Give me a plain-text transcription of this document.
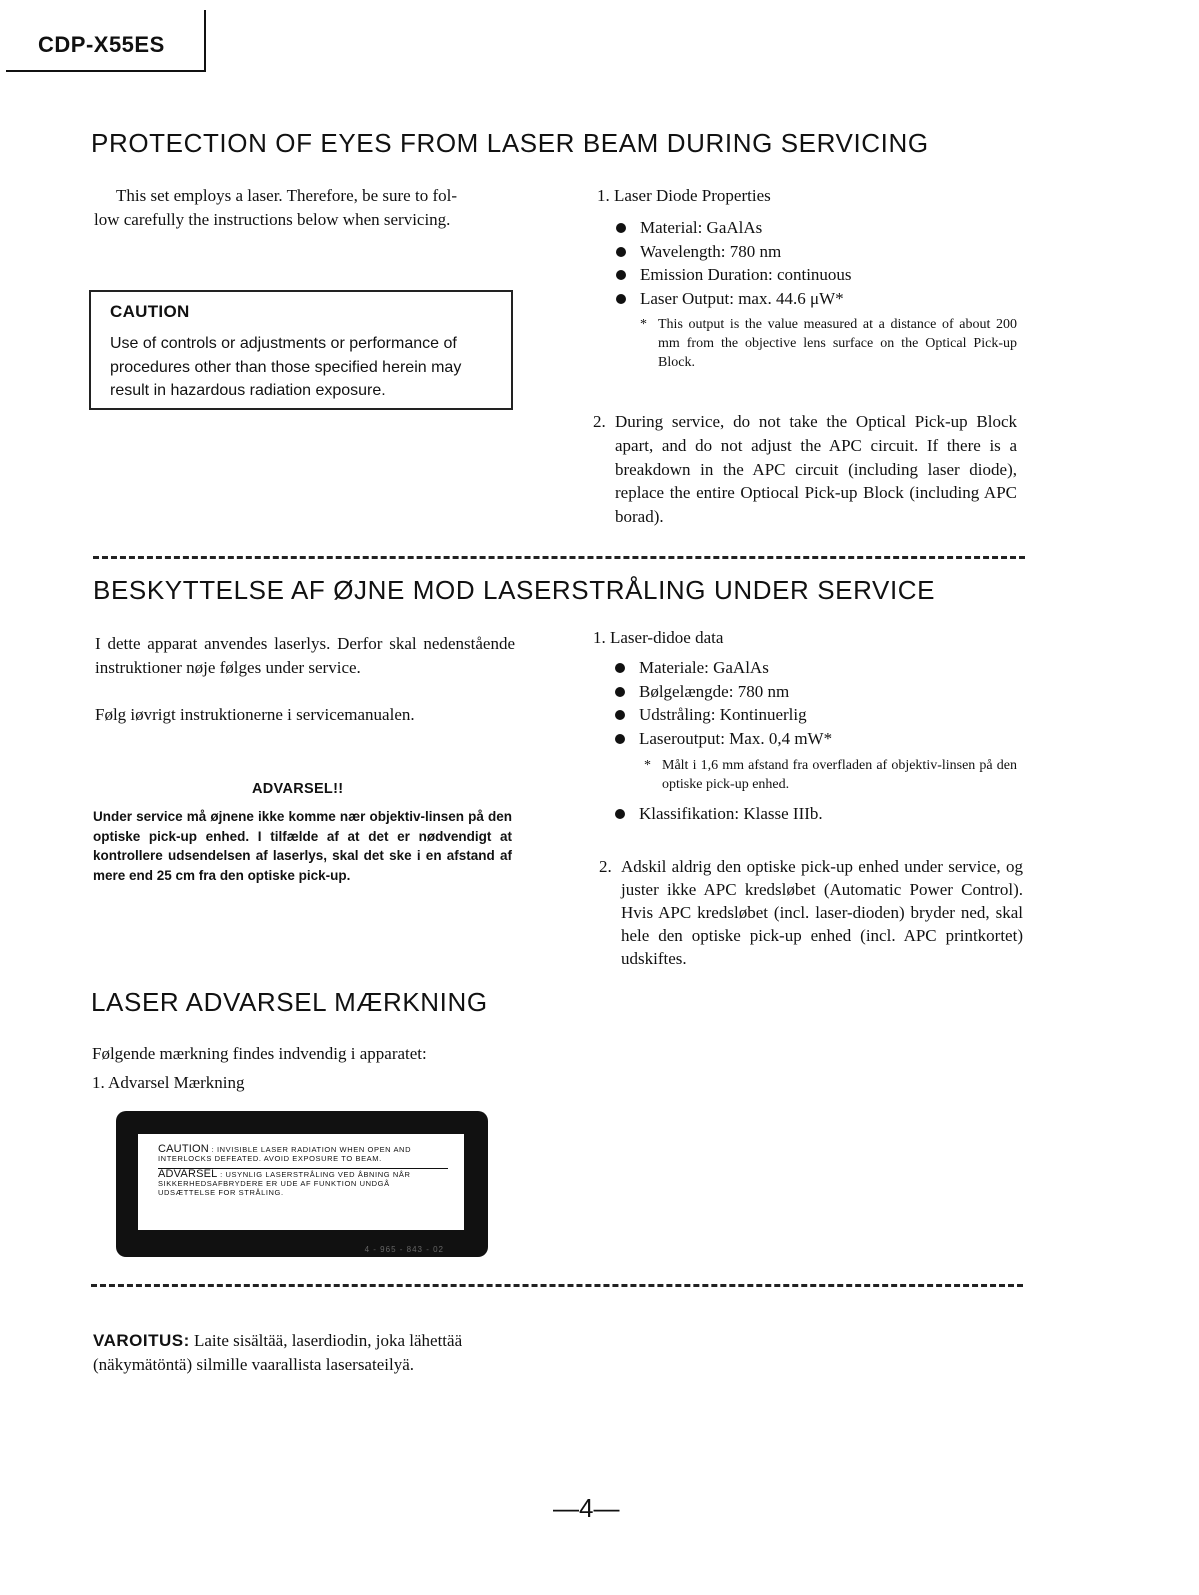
CDP-X55ES
PROTECTION OF EYES FROM LASER BEAM DURING SERVICING
This set employs a laser. Therefore, be sure to fol-
low carefully the instructions below when servicing.
CAUTION
Use of controls or adjustments or performance of procedures other than those specified herein may result in hazardous radiation exposure.
1. Laser Diode Properties
Material: GaAlAs
Wavelength: 780 nm
Emission Duration: continuous
Laser Output: max. 44.6 μW*
* This output is the value measured at a distance of about 200 mm from the objective lens surface on the Optical Pick-up Block.
2. During service, do not take the Optical Pick-up Block apart, and do not adjust the APC circuit. If there is a breakdown in the APC circuit (including laser diode), replace the entire Optiocal Pick-up Block (including APC borad).
BESKYTTELSE AF ØJNE MOD LASERSTRÅLING UNDER SERVICE
I dette apparat anvendes laserlys. Derfor skal nedenstående instruktioner nøje følges under service.
Følg iøvrigt instruktionerne i servicemanualen.
ADVARSEL!!
Under service må øjnene ikke komme nær objektiv-linsen på den optiske pick-up enhed. I tilfælde af at det er nødvendigt at kontrollere udsendelsen af laserlys, skal det ske i en afstand af mere end 25 cm fra den optiske pick-up.
1. Laser-didoe data
Materiale: GaAlAs
Bølgelængde: 780 nm
Udstråling: Kontinuerlig
Laseroutput: Max. 0,4 mW*
* Målt i 1,6 mm afstand fra overfladen af objektiv-linsen på den optiske pick-up enhed.
Klassifikation: Klasse IIIb.
2. Adskil aldrig den optiske pick-up enhed under service, og juster ikke APC kredsløbet (Automatic Power Control). Hvis APC kredsløbet (incl. laser-dioden) bryder ned, skal hele den optiske pick-up enhed (incl. APC printkortet) udskiftes.
LASER ADVARSEL MÆRKNING
Følgende mærkning findes indvendig i apparatet:
1. Advarsel Mærkning
CAUTION : INVISIBLE LASER RADIATION WHEN OPEN AND INTERLOCKS DEFEATED. AVOID EXPOSURE TO BEAM.
ADVARSEL : USYNLIG LASERSTRÅLING VED ÅBNING NÅR SIKKERHEDSAFBRYDERE ER UDE AF FUNKTION UNDGÅ UDSÆTTELSE FOR STRÅLING.
4 - 965 - 843 - 02
VAROITUS: Laite sisältää, laserdiodin, joka lähettää
(näkymätöntä) silmille vaarallista lasersateilyä.
—4—
